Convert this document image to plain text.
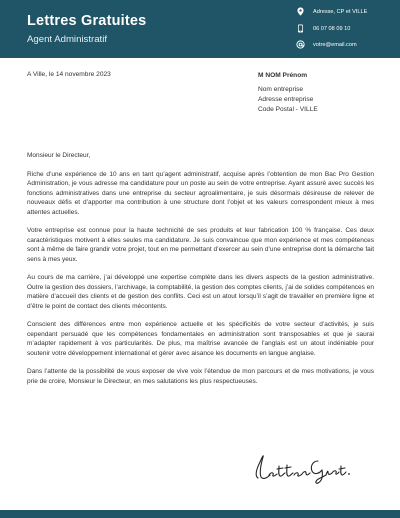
Lettres Gratuites
Agent Administratif
Adresse, CP et VILLE
06 07 08 09 10
votre@email.com
A Ville, le 14 novembre 2023	M NOM Prénom
Nom entreprise
Adresse entreprise
Code Postal - VILLE

Monsieur le Directeur,

Riche d’une expérience de 10 ans en tant qu’agent administratif, acquise après l’obtention de mon Bac Pro Gestion Administration, je vous adresse ma candidature pour un poste au sein de votre entreprise. Ayant assuré avec succès les fonctions administratives dans une entreprise du secteur agroalimentaire, je suis désormais désireuse de relever de nouveaux défis et d’apporter ma contribution à une structure dont l’objet et les valeurs correspondent mieux à mes attentes actuelles.

Votre entreprise est connue pour la haute technicité de ses produits et leur fabrication 100 % française. Ces deux caractéristiques motivent à elles seules ma candidature. Je suis convaincue que mon expérience et mes compétences sont à même de faire grandir votre projet, tout en me permettant d’exercer au sein d’une entreprise dont la démarche fait sens à mes yeux.

Au cours de ma carrière, j’ai développé une expertise complète dans les divers aspects de la gestion administrative. Outre la gestion des dossiers, l’archivage, la comptabilité, la gestion des comptes clients, j’ai de solides compétences en matière d’accueil des clients et de gestion des conflits. Ceci est un atout lorsqu’il s’agit de travailler en première ligne et d’être le point de contact des clients mécontents.

Conscient des différences entre mon expérience actuelle et les spécificités de votre secteur d’activités, je suis cependant persuadé que les compétences fondamentales en administration sont transposables et que je saurai m’adapter rapidement à vos particularités. De plus, ma maîtrise avancée de l’anglais est un atout indéniable pour soutenir votre développement international et gérer avec aisance les documents en langue anglaise.

Dans l’attente de la possibilité de vous exposer de vive voix l’étendue de mon parcours et de mes motivations, je vous prie de croire, Monsieur le Directeur, en mes salutations les plus respectueuses.
